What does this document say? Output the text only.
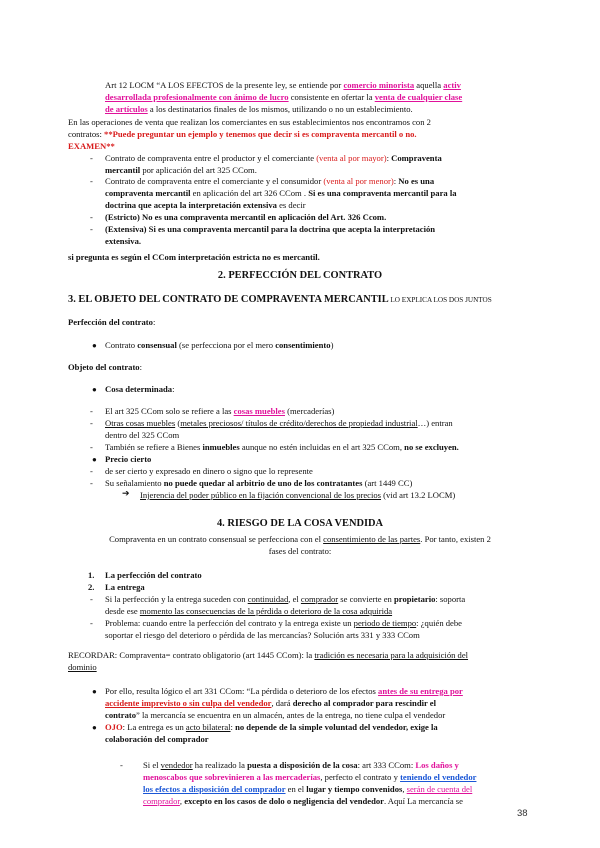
Art 12 LOCM “A LOS EFECTOS de la presente ley, se entiende por comercio minorista aquella activ
desarrollada profesionalmente con ánimo de lucro consistente en ofertar la venta de cualquier clase
de artículos a los destinatarios finales de los mismos, utilizando o no un establecimiento.
En las operaciones de venta que realizan los comerciantes en sus establecimientos nos encontramos con 2
contratos: **Puede preguntar un ejemplo y tenemos que decir si es compraventa mercantil o no.
EXAMEN**
- Contrato de compraventa entre el productor y el comerciante (venta al por mayor): Compraventa
mercantil por aplicación del art 325 CCom.
- Contrato de compraventa entre el comerciante y el consumidor (venta al por menor): No es una
compraventa mercantil en aplicación del art 326 CCom . Si es una compraventa mercantil para la
doctrina que acepta la interpretación extensiva es decir
- (Estricto) No es una compraventa mercantil en aplicación del Art. 326 Ccom.
- (Extensiva) Si es una compraventa mercantil para la doctrina que acepta la interpretación
extensiva.
si pregunta es según el CCom interpretación estricta no es mercantil.
2. PERFECCIÓN DEL CONTRATO
3. EL OBJETO DEL CONTRATO DE COMPRAVENTA MERCANTIL LO EXPLICA LOS DOS JUNTOS
Perfección del contrato:
● Contrato consensual (se perfecciona por el mero consentimiento)
Objeto del contrato:
● Cosa determinada:
- El art 325 CCom solo se refiere a las cosas muebles (mercaderías)
- Otras cosas muebles (metales preciosos/ títulos de crédito/derechos de propiedad industrial…) entran
dentro del 325 CCom
- También se refiere a Bienes inmuebles aunque no estén incluidas en el art 325 CCom, no se excluyen.
● Precio cierto
- de ser cierto y expresado en dinero o signo que lo represente
- Su señalamiento no puede quedar al arbitrio de uno de los contratantes (art 1449 CC)
➔ Injerencia del poder público en la fijación convencional de los precios (vid art 13.2 LOCM)
4. RIESGO DE LA COSA VENDIDA
Compraventa en un contrato consensual se perfecciona con el consentimiento de las partes. Por tanto, existen 2
fases del contrato:
1. La perfección del contrato
2. La entrega
- Si la perfección y la entrega suceden con continuidad, el comprador se convierte en propietario: soporta
desde ese momento las consecuencias de la pérdida o deterioro de la cosa adquirida
- Problema: cuando entre la perfección del contrato y la entrega existe un periodo de tiempo: ¿quién debe
soportar el riesgo del deterioro o pérdida de las mercancías? Solución arts 331 y 333 CCom
RECORDAR: Compraventa= contrato obligatorio (art 1445 CCom): la tradición es necesaria para la adquisición del
dominio
● Por ello, resulta lógico el art 331 CCom: “La pérdida o deterioro de los efectos antes de su entrega por
accidente imprevisto o sin culpa del vendedor, dará derecho al comprador para rescindir el
contrato” la mercancía se encuentra en un almacén, antes de la entrega, no tiene culpa el vendedor
● OJO: La entrega es un acto bilateral: no depende de la simple voluntad del vendedor, exige la
colaboración del comprador
- Si el vendedor ha realizado la puesta a disposición de la cosa: art 333 CCom: Los daños y
menoscabos que sobrevinieren a las mercaderías, perfecto el contrato y teniendo el vendedor
los efectos a disposición del comprador en el lugar y tiempo convenidos, serán de cuenta del
comprador, excepto en los casos de dolo o negligencia del vendedor. Aquí La mercancía se
38
